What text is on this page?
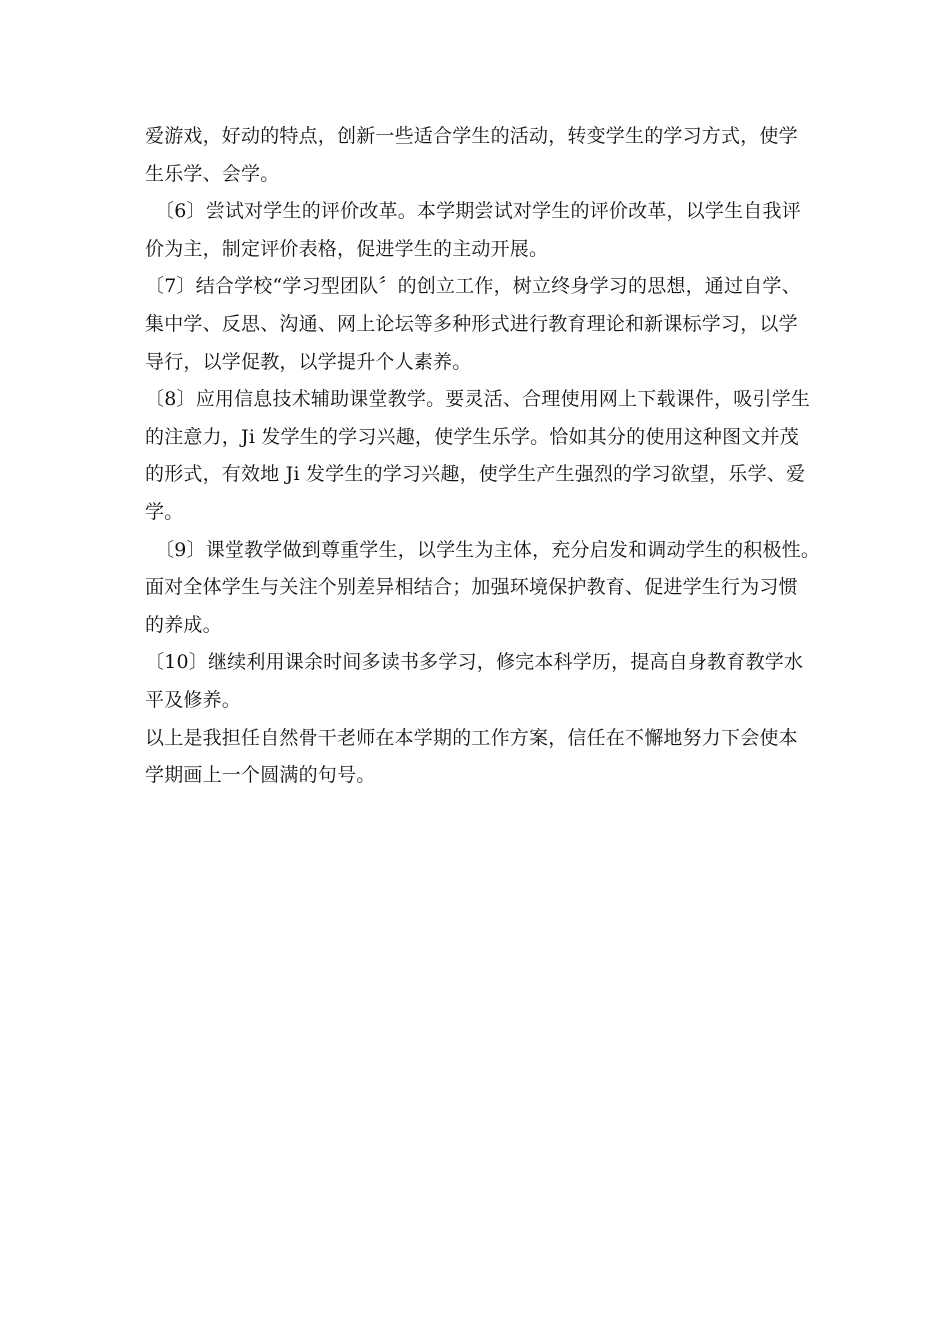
爱游戏，好动的特点，创新一些适合学生的活动，转变学生的学习方式，使学
生乐学、会学。
〔6〕尝试对学生的评价改革。本学期尝试对学生的评价改革，以学生自我评
价为主，制定评价表格，促进学生的主动开展。
〔7〕结合学校“学习型团队〞的创立工作，树立终身学习的思想，通过自学、
集中学、反思、沟通、网上论坛等多种形式进行教育理论和新课标学习，以学
导行，以学促教，以学提升个人素养。
〔8〕应用信息技术辅助课堂教学。要灵活、合理使用网上下载课件，吸引学生
的注意力，Ji 发学生的学习兴趣，使学生乐学。恰如其分的使用这种图文并茂
的形式，有效地 Ji 发学生的学习兴趣，使学生产生强烈的学习欲望，乐学、爱
学。
〔9〕课堂教学做到尊重学生，以学生为主体，充分启发和调动学生的积极性。
面对全体学生与关注个别差异相结合；加强环境保护教育、促进学生行为习惯
的养成。
〔10〕继续利用课余时间多读书多学习，修完本科学历，提高自身教育教学水
平及修养。
以上是我担任自然骨干老师在本学期的工作方案，信任在不懈地努力下会使本
学期画上一个圆满的句号。
